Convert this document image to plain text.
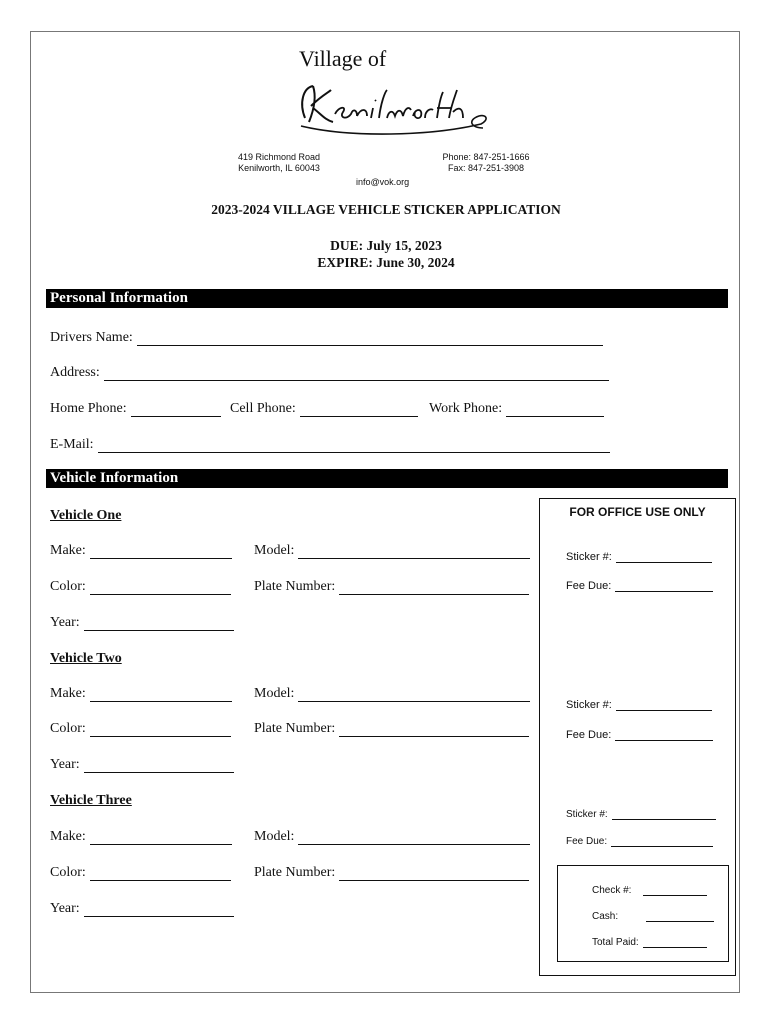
Village of
419 Richmond Road
Kenilworth, IL 60043
Phone: 847-251-1666
Fax: 847-251-3908
info@vok.org
2023-2024 VILLAGE VEHICLE STICKER APPLICATION
DUE: July 15, 2023
EXPIRE: June 30, 2024
Personal Information
Drivers Name:
Address:
Home Phone:	Cell Phone:	Work Phone:
E-Mail:
Vehicle Information
Vehicle One
Make:	Model:
Color:	Plate Number:
Year:
Vehicle Two
Make:	Model:
Color:	Plate Number:
Year:
Vehicle Three
Make:	Model:
Color:	Plate Number:
Year:
FOR OFFICE USE ONLY
Sticker #:
Fee Due:
Sticker #:
Fee Due:
Sticker #:
Fee Due:
Check #:
Cash:
Total Paid:
